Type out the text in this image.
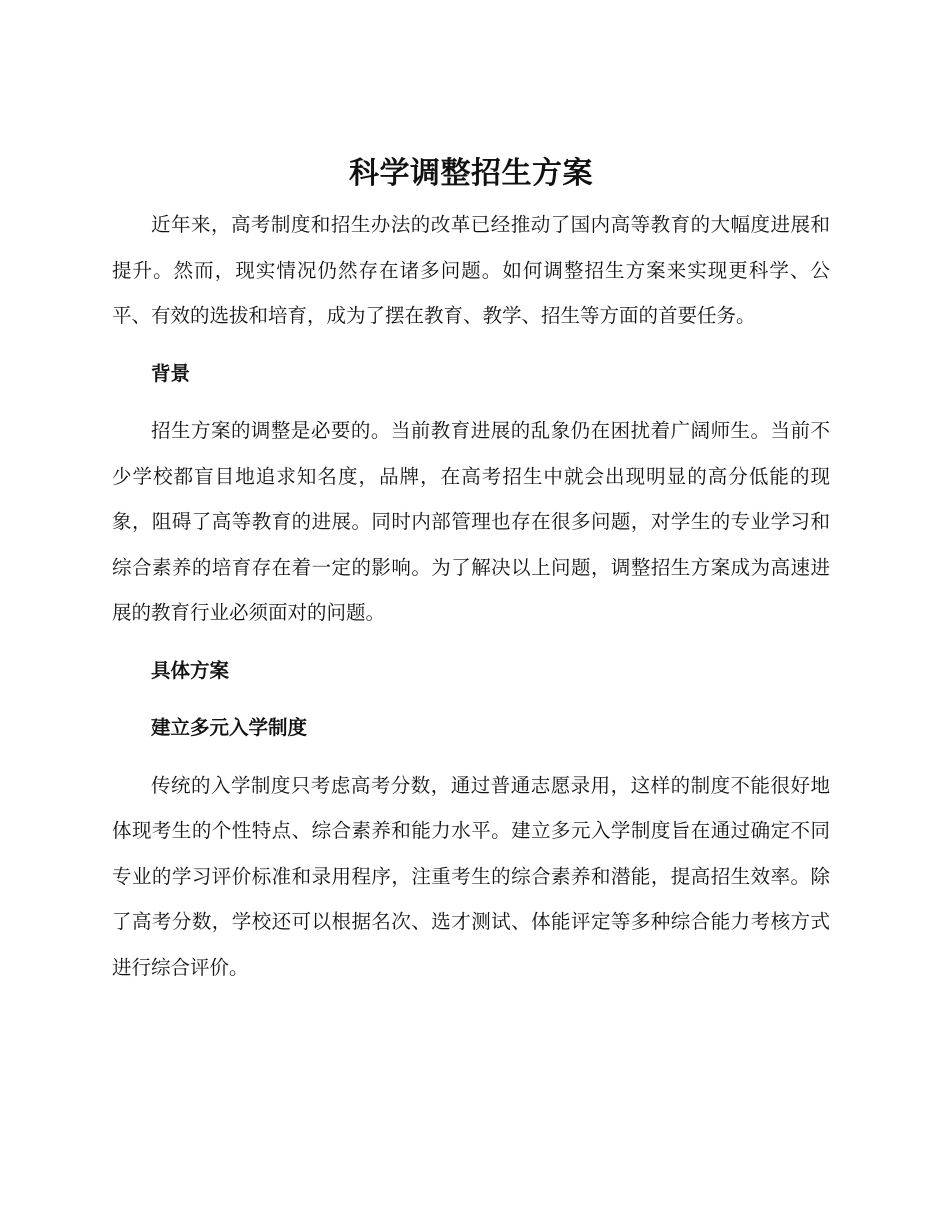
科学调整招生方案

近年来，高考制度和招生办法的改革已经推动了国内高等教育的大幅度进展和提升。然而，现实情况仍然存在诸多问题。如何调整招生方案来实现更科学、公平、有效的选拔和培育，成为了摆在教育、教学、招生等方面的首要任务。

背景

招生方案的调整是必要的。当前教育进展的乱象仍在困扰着广阔师生。当前不少学校都盲目地追求知名度，品牌，在高考招生中就会出现明显的高分低能的现象，阻碍了高等教育的进展。同时内部管理也存在很多问题，对学生的专业学习和综合素养的培育存在着一定的影响。为了解决以上问题，调整招生方案成为高速进展的教育行业必须面对的问题。

具体方案
建立多元入学制度

传统的入学制度只考虑高考分数，通过普通志愿录用，这样的制度不能很好地体现考生的个性特点、综合素养和能力水平。建立多元入学制度旨在通过确定不同专业的学习评价标准和录用程序，注重考生的综合素养和潜能，提高招生效率。除了高考分数，学校还可以根据名次、选才测试、体能评定等多种综合能力考核方式进行综合评价。
